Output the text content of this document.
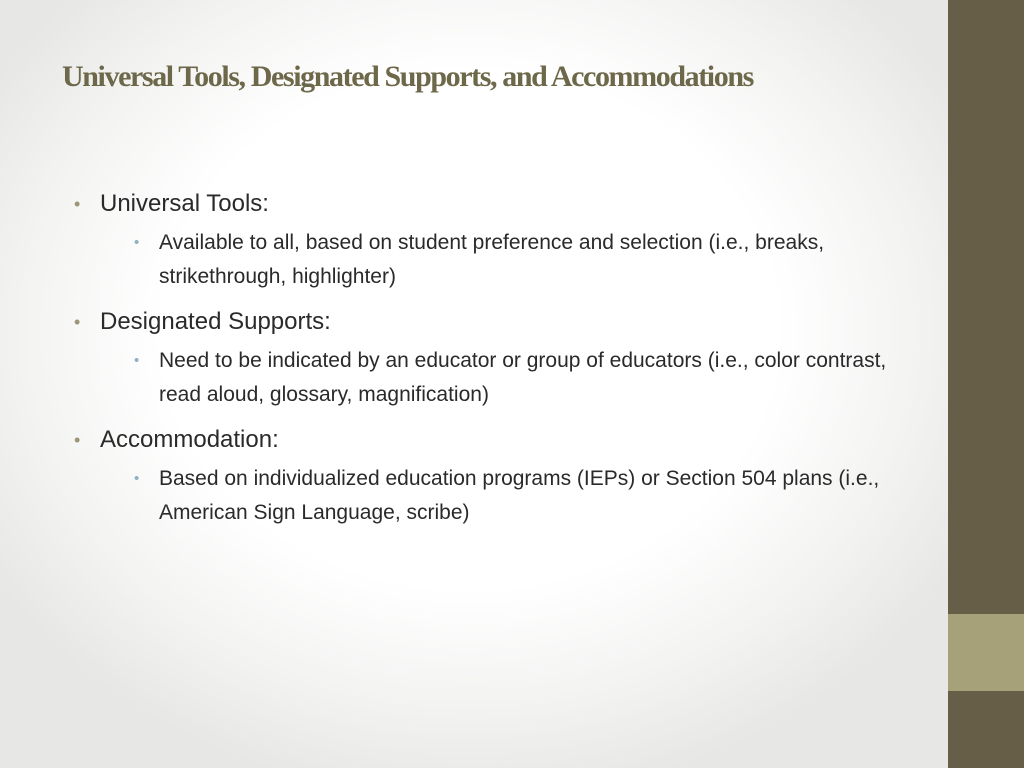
Universal Tools, Designated Supports, and Accommodations
• Universal Tools:
• Available to all, based on student preference and selection (i.e., breaks, strikethrough, highlighter)
• Designated Supports:
• Need to be indicated by an educator or group of educators (i.e., color contrast, read aloud, glossary, magnification)
• Accommodation:
• Based on individualized education programs (IEPs) or Section 504 plans (i.e., American Sign Language, scribe)
